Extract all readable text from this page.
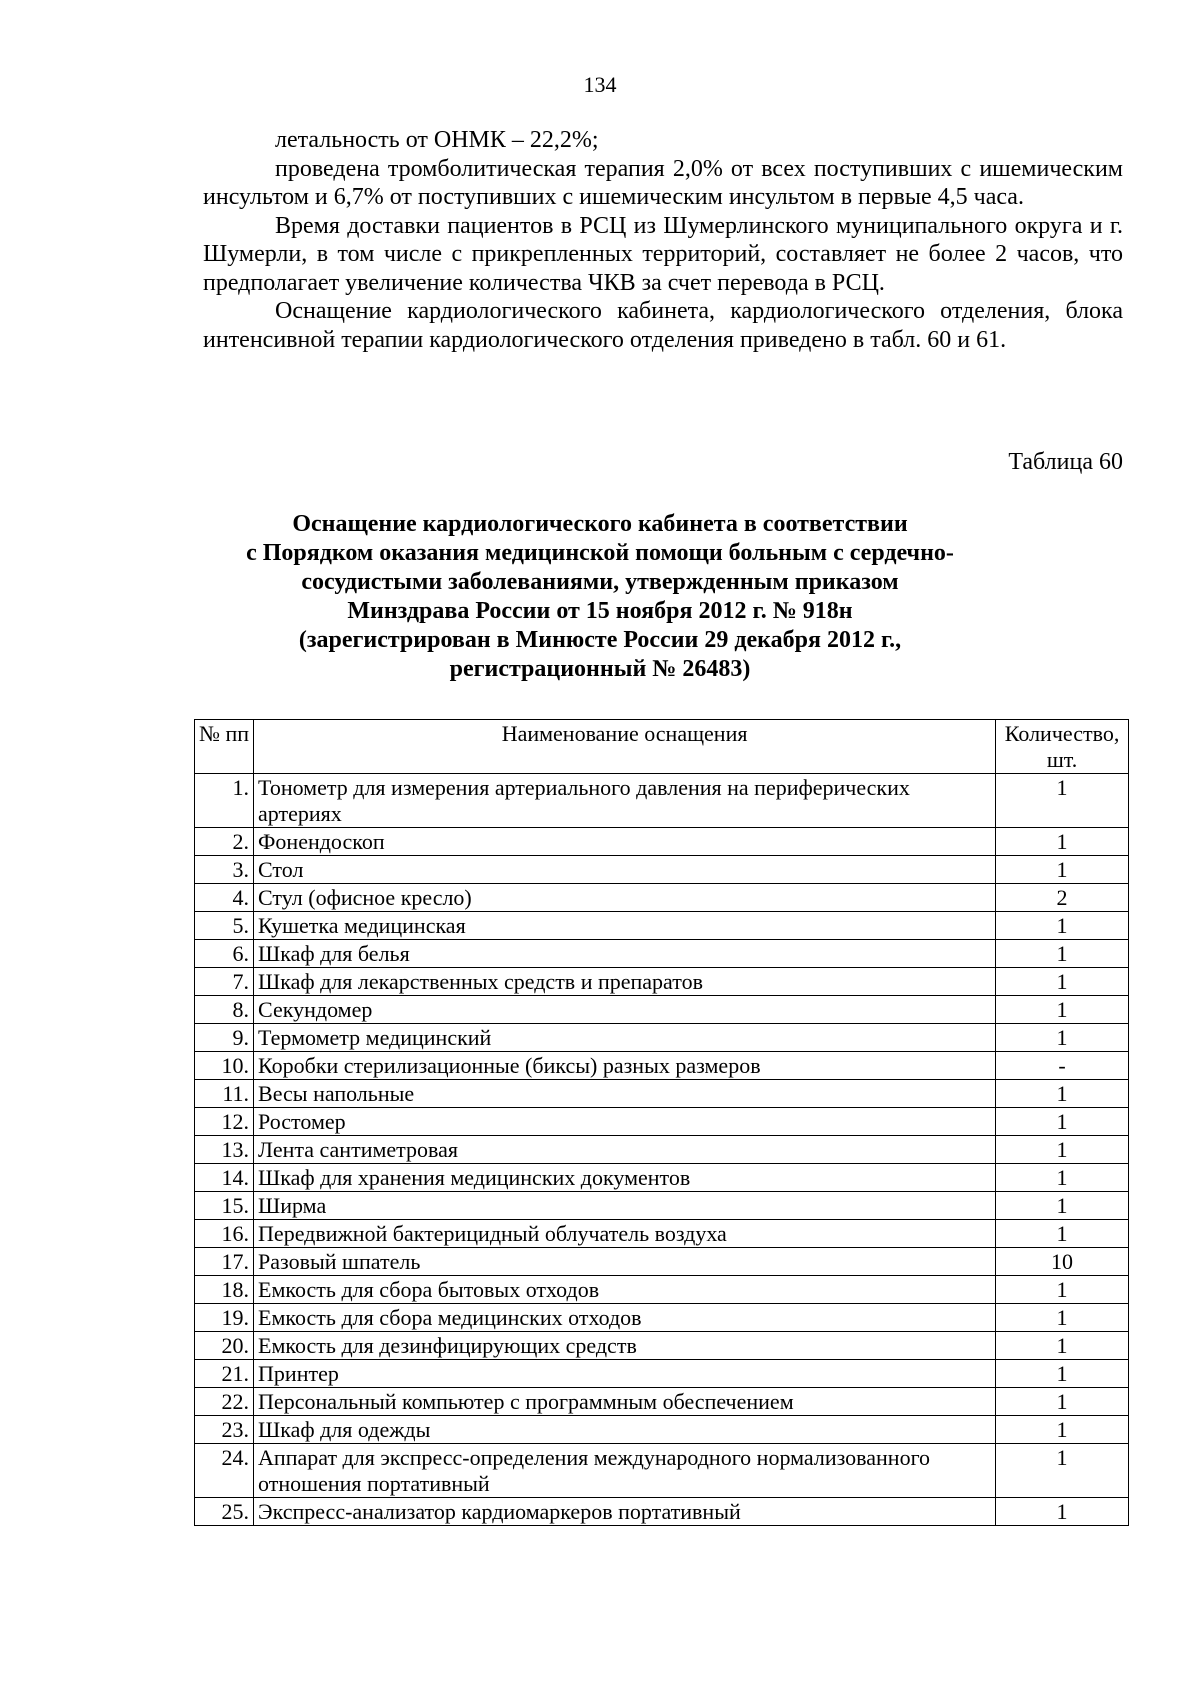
134

летальность от ОНМК – 22,2%;

проведена тромболитическая терапия 2,0% от всех поступивших с ишемическим инсультом и 6,7% от поступивших с ишемическим инсультом в первые 4,5 часа.

Время доставки пациентов в РСЦ из Шумерлинского муниципального округа и г. Шумерли, в том числе с прикрепленных территорий, составляет не более 2 часов, что предполагает увеличение количества ЧКВ за счет перевода в РСЦ.

Оснащение кардиологического кабинета, кардиологического отделения, блока интенсивной терапии кардиологического отделения приведено в табл. 60 и 61.

Таблица 60
Оснащение кардиологического кабинета в соответствии
с Порядком оказания медицинской помощи больным с сердечно-
сосудистыми заболеваниями, утвержденным приказом
Минздрава России от 15 ноября 2012 г. № 918н
(зарегистрирован в Минюсте России 29 декабря 2012 г.,
регистрационный № 26483)
№ пп	Наименование оснащения	Количество, шт.
1.	Тонометр для измерения артериального давления на периферических артериях	1
2.	Фонендоскоп	1
3.	Стол	1
4.	Стул (офисное кресло)	2
5.	Кушетка медицинская	1
6.	Шкаф для белья	1
7.	Шкаф для лекарственных средств и препаратов	1
8.	Секундомер	1
9.	Термометр медицинский	1
10.	Коробки стерилизационные (биксы) разных размеров	-
11.	Весы напольные	1
12.	Ростомер	1
13.	Лента сантиметровая	1
14.	Шкаф для хранения медицинских документов	1
15.	Ширма	1
16.	Передвижной бактерицидный облучатель воздуха	1
17.	Разовый шпатель	10
18.	Емкость для сбора бытовых отходов	1
19.	Емкость для сбора медицинских отходов	1
20.	Емкость для дезинфицирующих средств	1
21.	Принтер	1
22.	Персональный компьютер с программным обеспечением	1
23.	Шкаф для одежды	1
24.	Аппарат для экспресс-определения международного нормализованного отношения портативный	1
25.	Экспресс-анализатор кардиомаркеров портативный	1
